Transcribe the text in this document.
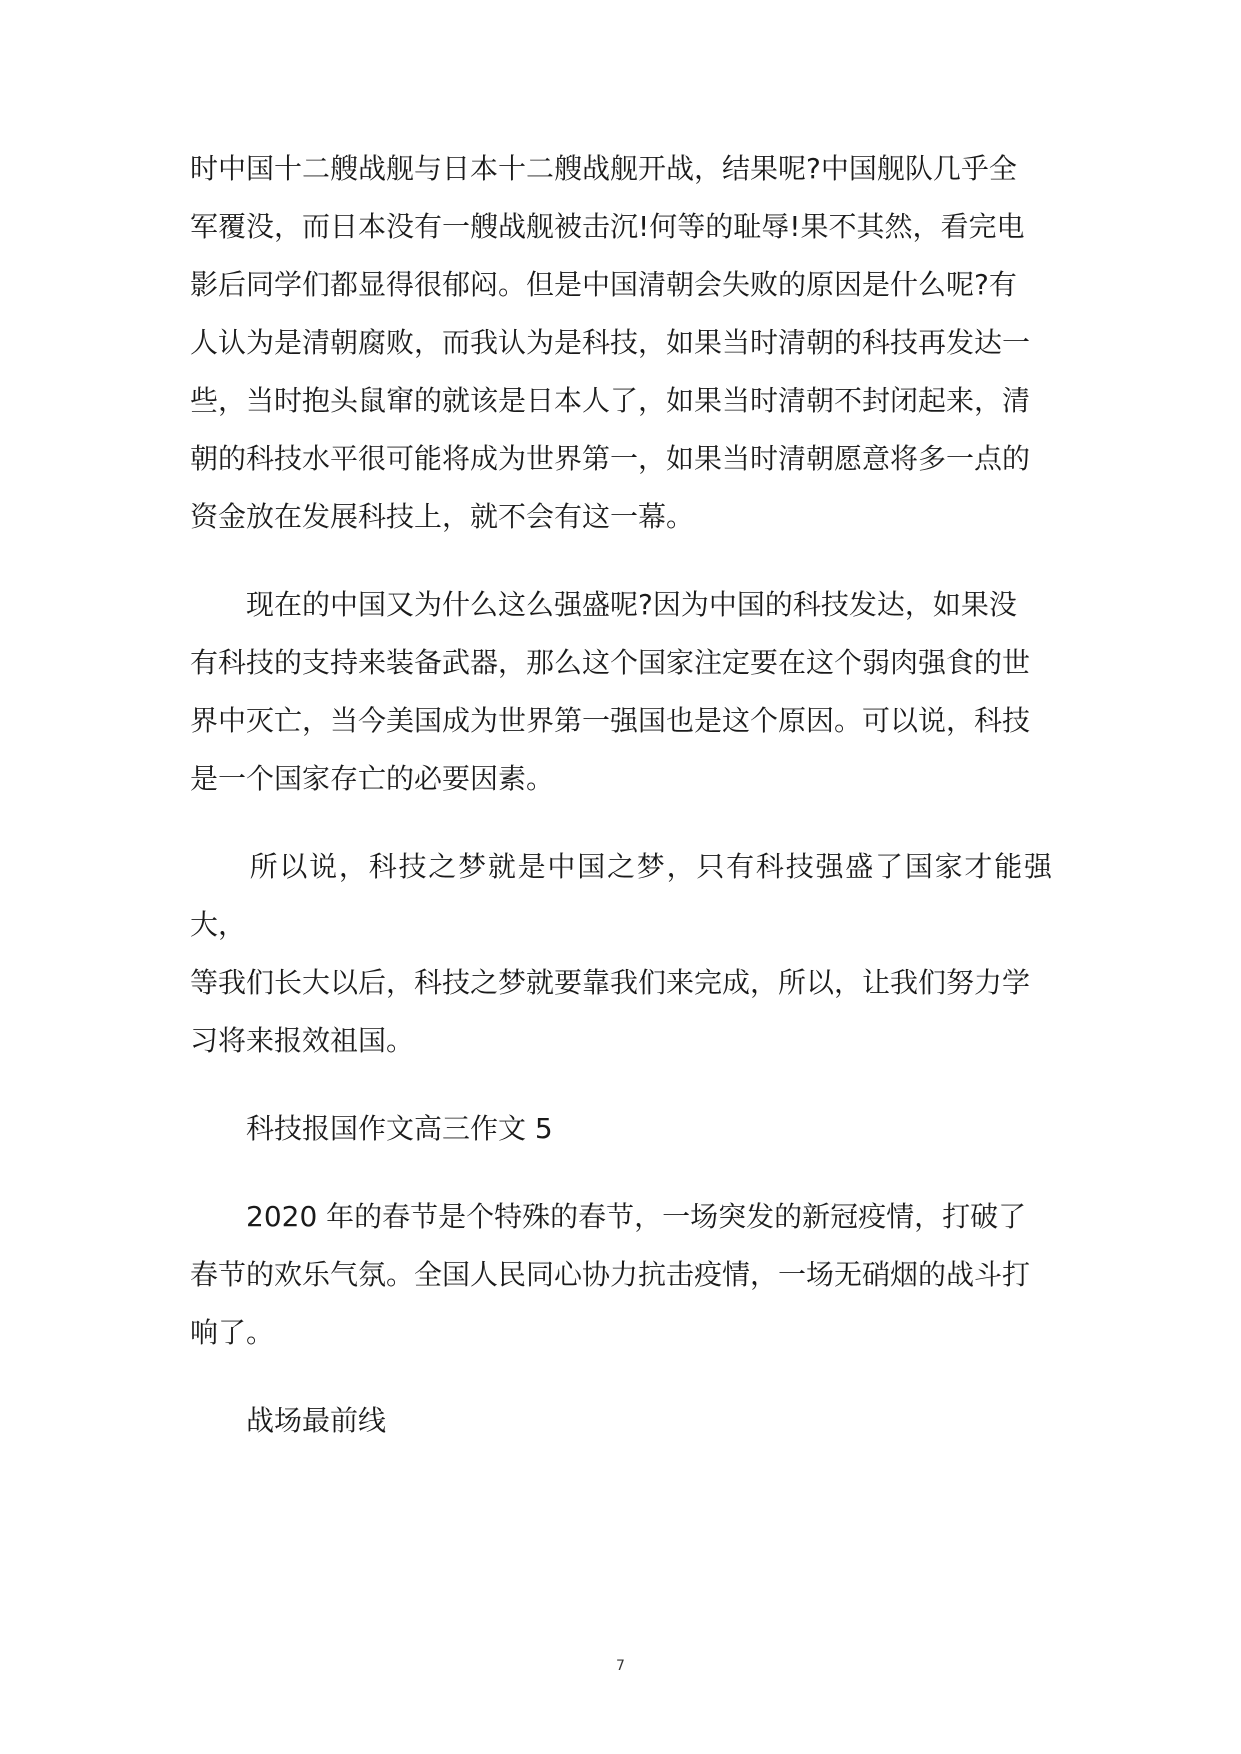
时中国十二艘战舰与日本十二艘战舰开战，结果呢?中国舰队几乎全
军覆没，而日本没有一艘战舰被击沉!何等的耻辱!果不其然，看完电
影后同学们都显得很郁闷。但是中国清朝会失败的原因是什么呢?有
人认为是清朝腐败，而我认为是科技，如果当时清朝的科技再发达一
些，当时抱头鼠窜的就该是日本人了，如果当时清朝不封闭起来，清
朝的科技水平很可能将成为世界第一，如果当时清朝愿意将多一点的
资金放在发展科技上，就不会有这一幕。
　　现在的中国又为什么这么强盛呢?因为中国的科技发达，如果没
有科技的支持来装备武器，那么这个国家注定要在这个弱肉强食的世
界中灭亡，当今美国成为世界第一强国也是这个原因。可以说，科技
是一个国家存亡的必要因素。
　　所以说，科技之梦就是中国之梦，只有科技强盛了国家才能强大，
等我们长大以后，科技之梦就要靠我们来完成，所以，让我们努力学
习将来报效祖国。
　　科技报国作文高三作文 5
　　2020 年的春节是个特殊的春节，一场突发的新冠疫情，打破了
春节的欢乐气氛。全国人民同心协力抗击疫情，一场无硝烟的战斗打
响了。
　　战场最前线
7
